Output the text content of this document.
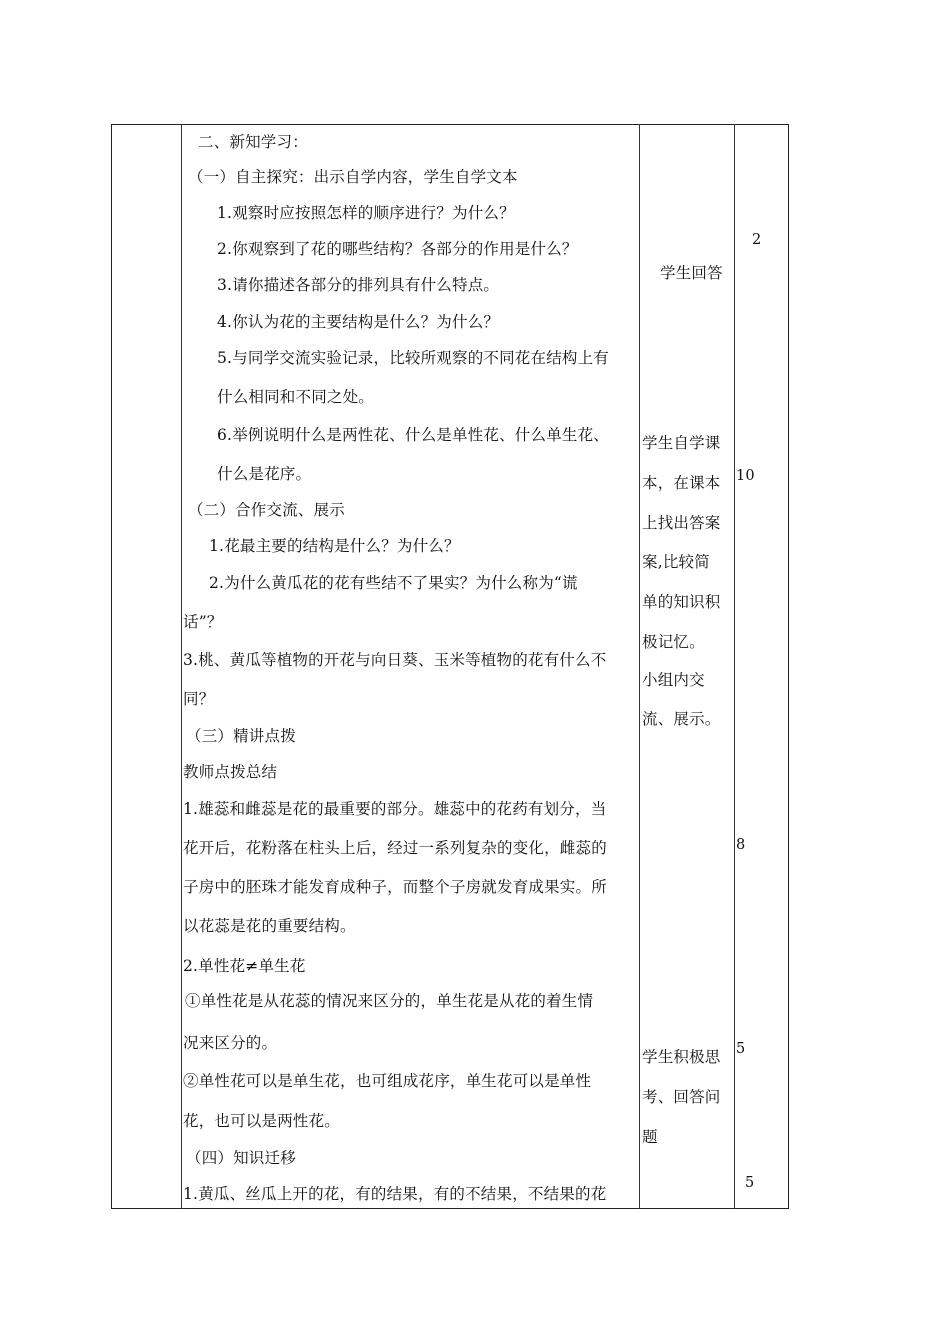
二、新知学习：
（一）自主探究：出示自学内容，学生自学文本
1.观察时应按照怎样的顺序进行？为什么？
2.你观察到了花的哪些结构？各部分的作用是什么？
3.请你描述各部分的排列具有什么特点。
4.你认为花的主要结构是什么？为什么？
5.与同学交流实验记录，比较所观察的不同花在结构上有
什么相同和不同之处。
6.举例说明什么是两性花、什么是单性花、什么单生花、
什么是花序。
（二）合作交流、展示
1.花最主要的结构是什么？为什么？
2.为什么黄瓜花的花有些结不了果实？为什么称为“谎
话”？
3.桃、黄瓜等植物的开花与向日葵、玉米等植物的花有什么不
同？
（三）精讲点拨
教师点拨总结
1.雄蕊和雌蕊是花的最重要的部分。雄蕊中的花药有划分，当
花开后，花粉落在柱头上后，经过一系列复杂的变化，雌蕊的
子房中的胚珠才能发育成种子，而整个子房就发育成果实。所
以花蕊是花的重要结构。
2.单性花≠单生花
①单性花是从花蕊的情况来区分的，单生花是从花的着生情
况来区分的。
②单性花可以是单生花，也可组成花序，单生花可以是单性
花，也可以是两性花。
（四）知识迁移
1.黄瓜、丝瓜上开的花，有的结果，有的不结果，不结果的花
学生回答
学生自学课
本，在课本
上找出答案
案,比较简
单的知识积
极记忆。
小组内交
流、展示。
学生积极思
考、回答问
题
2
10
8
5
5
